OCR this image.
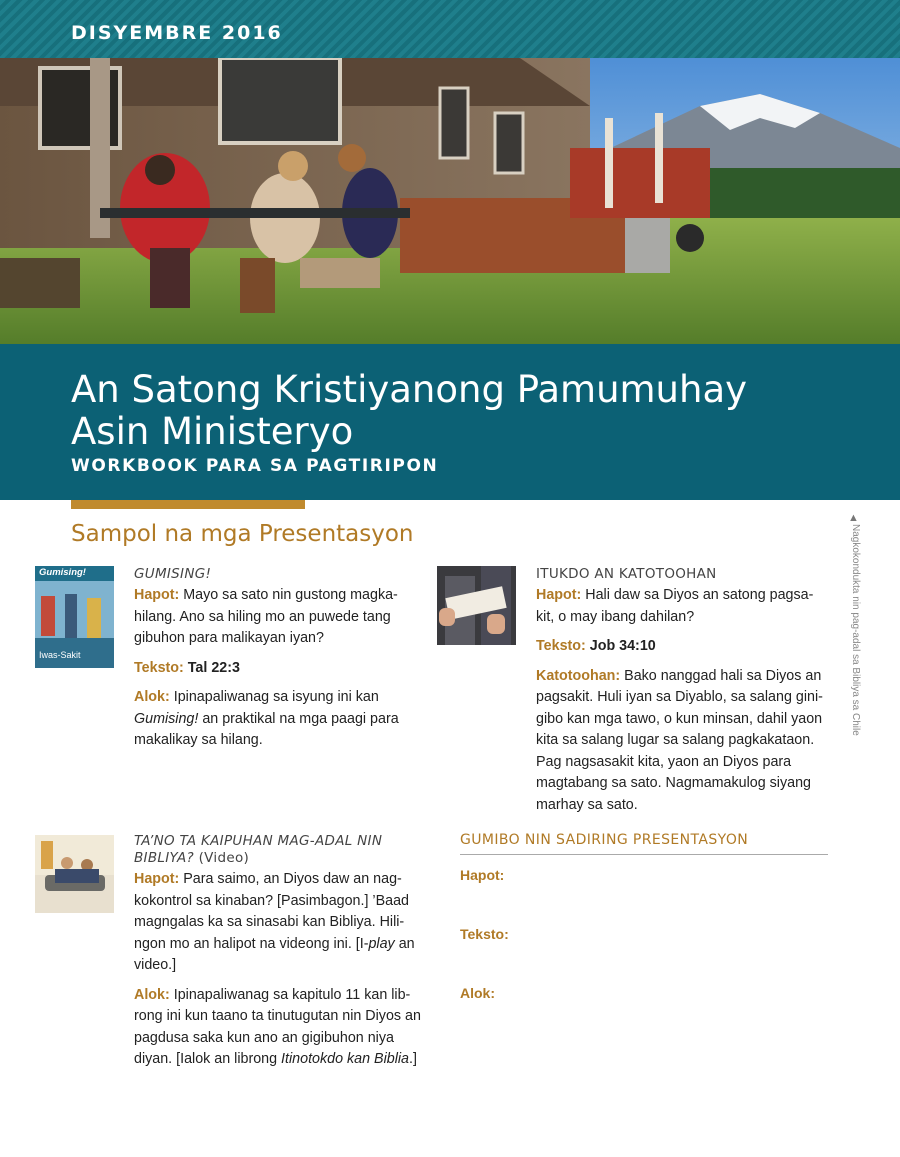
DISYEMBRE 2016
An Satong Kristiyanong Pamumuhay
Asin Ministeryo
WORKBOOK PARA SA PAGTIRIPON
Sampol na mga Presentasyon
▲
Nagkokondukta nin pag-adal sa Bibliya sa Chile
Gumising!
Iwas-Sakit

GUMISING!

Hapot: Mayo sa sato nin gustong magka-hilang. Ano sa hiling mo an puwede tang gibuhon para malikayan iyan?

Teksto: Tal 22:3

Alok: Ipinapaliwanag sa isyung ini kan Gumising! an praktikal na mga paagi para makalikay sa hilang.

ITUKDO AN KATOTOOHAN

Hapot: Hali daw sa Diyos an satong pagsa-kit, o may ibang dahilan?

Teksto: Job 34:10

Katotoohan: Bako nanggad hali sa Diyos an pagsakit. Huli iyan sa Diyablo, sa salang gini-gibo kan mga tawo, o kun minsan, dahil yaon kita sa salang lugar sa salang pagkakataon. Pag nagsasakit kita, yaon an Diyos para magtabang sa sato. Nagmamakulog siyang marhay sa sato.

TA’NO TA KAIPUHAN MAG-ADAL NIN BIBLIYA? (Video)

Hapot: Para saimo, an Diyos daw an nag-kokontrol sa kinaban? [Pasimbagon.] ’Baad magngalas ka sa sinasabi kan Bibliya. Hili-ngon mo an halipot na videong ini. [I-play an video.]

Alok: Ipinapaliwanag sa kapitulo 11 kan lib-rong ini kun taano ta tinutugutan nin Diyos an pagdusa saka kun ano an gigibuhon niya diyan. [Ialok an librong Itinotokdo kan Biblia.]

GUMIBO NIN SADIRING PRESENTASYON
Hapot:
Teksto:
Alok:
